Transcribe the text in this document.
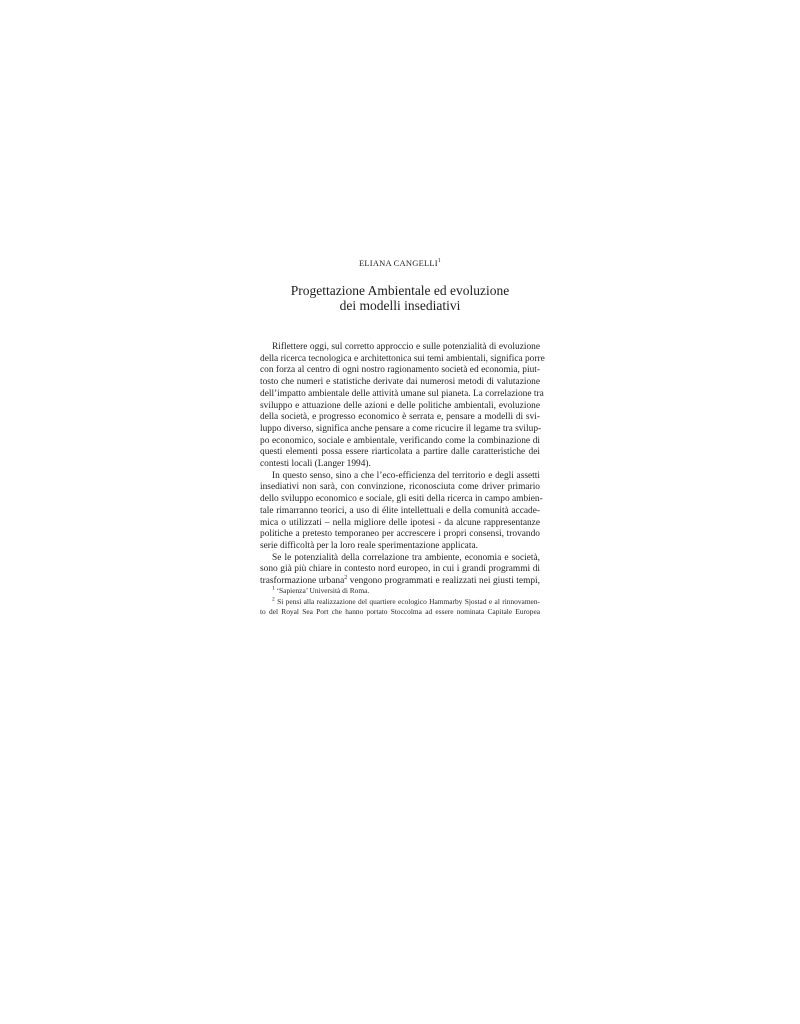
ELIANA CANGELLI$^1$
Progettazione Ambientale ed evoluzione
dei modelli insediativi
Riflettere oggi, sul corretto approccio e sulle potenzialità di evoluzione
della ricerca tecnologica e architettonica sui temi ambientali, significa porre
con forza al centro di ogni nostro ragionamento società ed economia, piut-
tosto che numeri e statistiche derivate dai numerosi metodi di valutazione
dell’impatto ambientale delle attività umane sul pianeta. La correlazione tra
sviluppo e attuazione delle azioni e delle politiche ambientali, evoluzione
della società, e progresso economico è serrata e, pensare a modelli di svi-
luppo diverso, significa anche pensare a come ricucire il legame tra svilup-
po economico, sociale e ambientale, verificando come la combinazione di
questi elementi possa essere riarticolata a partire dalle caratteristiche dei
contesti locali (Langer 1994).
In questo senso, sino a che l’eco-efficienza del territorio e degli assetti
insediativi non sarà, con convinzione, riconosciuta come driver primario
dello sviluppo economico e sociale, gli esiti della ricerca in campo ambien-
tale rimarranno teorici, a uso di élite intellettuali e della comunità accade-
mica o utilizzati – nella migliore delle ipotesi - da alcune rappresentanze
politiche a pretesto temporaneo per accrescere i propri consensi, trovando
serie difficoltà per la loro reale sperimentazione applicata.
Se le potenzialità della correlazione tra ambiente, economia e società,
sono già più chiare in contesto nord europeo, in cui i grandi programmi di
trasformazione urbana$^2$ vengono programmati e realizzati nei giusti tempi,
$^1$ ‘Sapienza’ Università di Roma.
$^2$ Si pensi alla realizzazione del quartiere ecologico Hammarby Sjostad e al rinnovamen-
to del Royal Sea Port che hanno portato Stoccolma ad essere nominata Capitale Europea
